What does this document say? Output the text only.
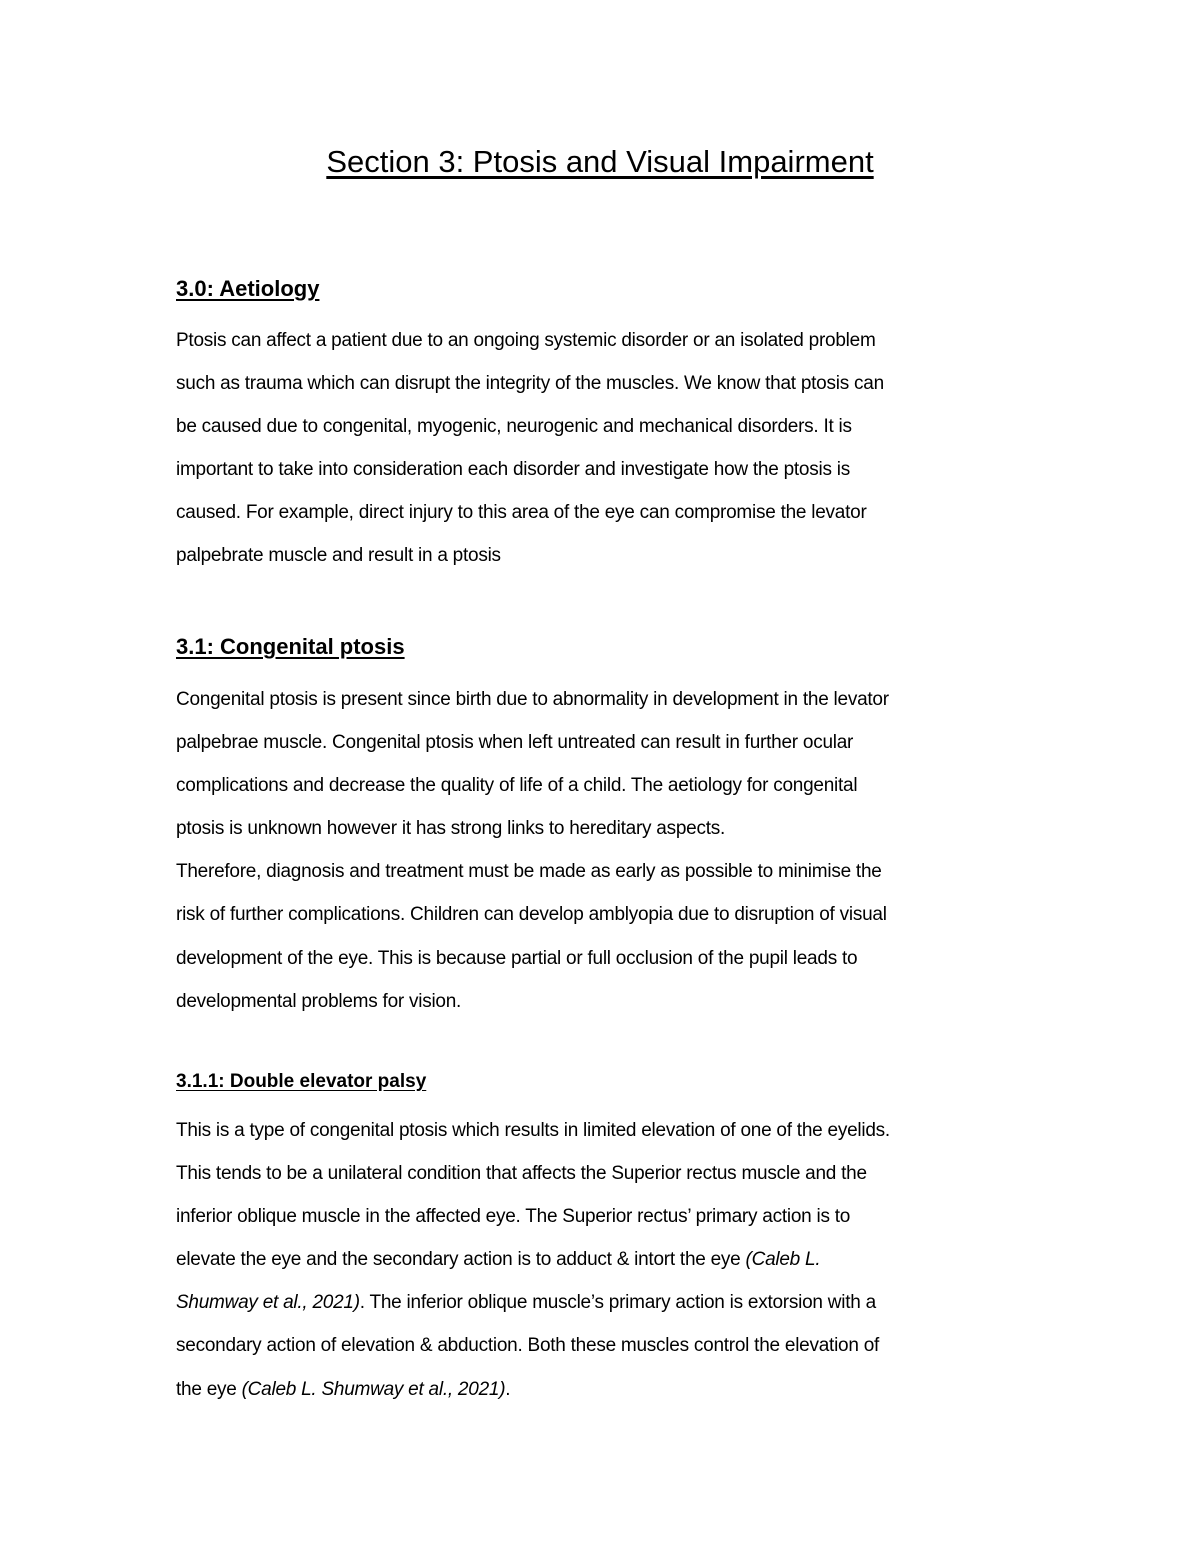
Section 3: Ptosis and Visual Impairment
3.0: Aetiology
Ptosis can affect a patient due to an ongoing systemic disorder or an isolated problem
such as trauma which can disrupt the integrity of the muscles. We know that ptosis can
be caused due to congenital, myogenic, neurogenic and mechanical disorders. It is
important to take into consideration each disorder and investigate how the ptosis is
caused. For example, direct injury to this area of the eye can compromise the levator
palpebrate muscle and result in a ptosis
3.1: Congenital ptosis
Congenital ptosis is present since birth due to abnormality in development in the levator
palpebrae muscle. Congenital ptosis when left untreated can result in further ocular
complications and decrease the quality of life of a child. The aetiology for congenital
ptosis is unknown however it has strong links to hereditary aspects.
Therefore, diagnosis and treatment must be made as early as possible to minimise the
risk of further complications. Children can develop amblyopia due to disruption of visual
development of the eye. This is because partial or full occlusion of the pupil leads to
developmental problems for vision.
3.1.1: Double elevator palsy
This is a type of congenital ptosis which results in limited elevation of one of the eyelids.
This tends to be a unilateral condition that affects the Superior rectus muscle and the
inferior oblique muscle in the affected eye. The Superior rectus’ primary action is to
elevate the eye and the secondary action is to adduct & intort the eye (Caleb L.
Shumway et al., 2021). The inferior oblique muscle’s primary action is extorsion with a
secondary action of elevation & abduction. Both these muscles control the elevation of
the eye (Caleb L. Shumway et al., 2021).
